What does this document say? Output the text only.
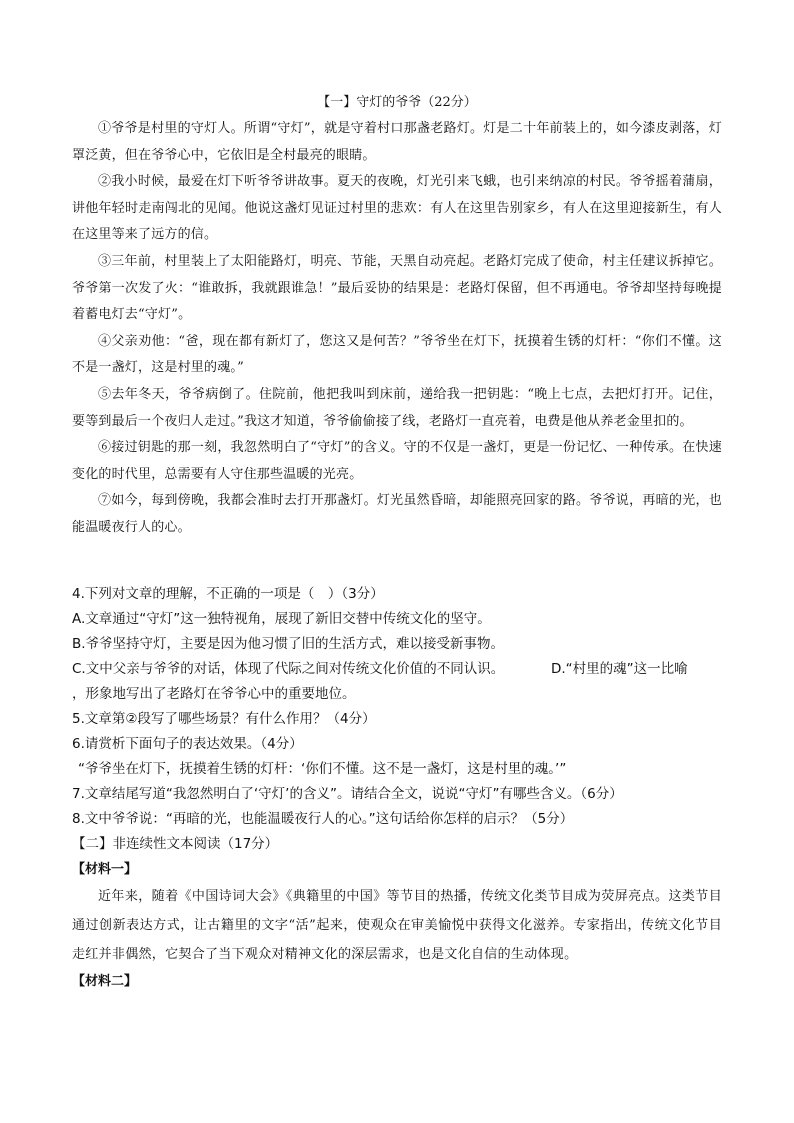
【一】守灯的爷爷（22分）
①爷爷是村里的守灯人。所谓“守灯”，就是守着村口那盏老路灯。灯是二十年前装上的，如今漆皮剥落，灯罩泛黄，但在爷爷心中，它依旧是全村最亮的眼睛。
②我小时候，最爱在灯下听爷爷讲故事。夏天的夜晚，灯光引来飞蛾，也引来纳凉的村民。爷爷摇着蒲扇，讲他年轻时走南闯北的见闻。他说这盏灯见证过村里的悲欢：有人在这里告别家乡，有人在这里迎接新生，有人在这里等来了远方的信。
③三年前，村里装上了太阳能路灯，明亮、节能，天黑自动亮起。老路灯完成了使命，村主任建议拆掉它。爷爷第一次发了火：“谁敢拆，我就跟谁急！”最后妥协的结果是：老路灯保留，但不再通电。爷爷却坚持每晚提着蓄电灯去“守灯”。
④父亲劝他：“爸，现在都有新灯了，您这又是何苦？”爷爷坐在灯下，抚摸着生锈的灯杆：“你们不懂。这不是一盏灯，这是村里的魂。”
⑤去年冬天，爷爷病倒了。住院前，他把我叫到床前，递给我一把钥匙：“晚上七点，去把灯打开。记住，要等到最后一个夜归人走过。”我这才知道，爷爷偷偷接了线，老路灯一直亮着，电费是他从养老金里扣的。
⑥接过钥匙的那一刻，我忽然明白了“守灯”的含义。守的不仅是一盏灯，更是一份记忆、一种传承。在快速变化的时代里，总需要有人守住那些温暖的光亮。
⑦如今，每到傍晚，我都会准时去打开那盏灯。灯光虽然昏暗，却能照亮回家的路。爷爷说，再暗的光，也能温暖夜行人的心。
4.下列对文章的理解，不正确的一项是（　）（3分）
A.文章通过“守灯”这一独特视角，展现了新旧交替中传统文化的坚守。
B.爷爷坚持守灯，主要是因为他习惯了旧的生活方式，难以接受新事物。
C.文中父亲与爷爷的对话，体现了代际之间对传统文化价值的不同认识。	D.“村里的魂”这一比喻
，形象地写出了老路灯在爷爷心中的重要地位。
5.文章第②段写了哪些场景？有什么作用？（4分）
6.请赏析下面句子的表达效果。（4分）
“爷爷坐在灯下，抚摸着生锈的灯杆：‘你们不懂。这不是一盏灯，这是村里的魂。’”
7.文章结尾写道“我忽然明白了‘守灯’的含义”。请结合全文，说说“守灯”有哪些含义。（6分）
8.文中爷爷说：“再暗的光，也能温暖夜行人的心。”这句话给你怎样的启示？（5分）
【二】非连续性文本阅读（17分）
【材料一】
近年来，随着《中国诗词大会》《典籍里的中国》等节目的热播，传统文化类节目成为荧屏亮点。这类节目通过创新表达方式，让古籍里的文字“活”起来，使观众在审美愉悦中获得文化滋养。专家指出，传统文化节目走红并非偶然，它契合了当下观众对精神文化的深层需求，也是文化自信的生动体现。
【材料二】
